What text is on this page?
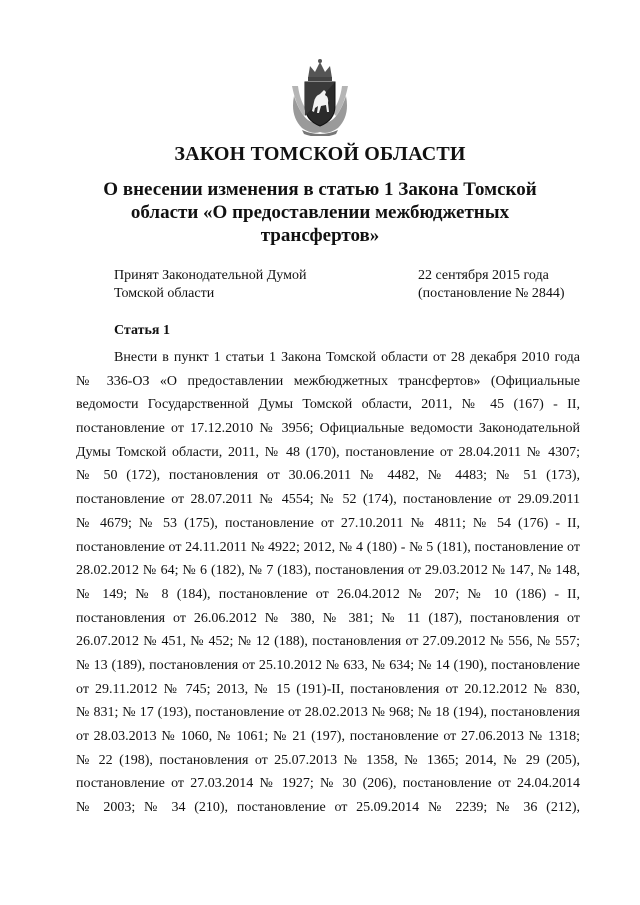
ЗАКОН ТОМСКОЙ ОБЛАСТИ
О внесении изменения в статью 1 Закона Томской
области «О предоставлении межбюджетных
трансфертов»
Принят Законодательной Думой
Томской области
22 сентября 2015 года
(постановление № 2844)
Статья 1
Внести в пункт 1 статьи 1 Закона Томской области от 28 декабря 2010 года
№ 336-ОЗ «О предоставлении межбюджетных трансфертов» (Официальные
ведомости Государственной Думы Томской области, 2011, № 45 (167) - II,
постановление от 17.12.2010 № 3956; Официальные ведомости Законодательной
Думы Томской области, 2011, № 48 (170), постановление от 28.04.2011 № 4307;
№ 50 (172), постановления от 30.06.2011 № 4482, № 4483; № 51 (173),
постановление от 28.07.2011 № 4554; № 52 (174), постановление от 29.09.2011
№ 4679; № 53 (175), постановление от 27.10.2011 № 4811; № 54 (176) - II,
постановление от 24.11.2011 № 4922; 2012, № 4 (180) - № 5 (181), постановление от
28.02.2012 № 64; № 6 (182), № 7 (183), постановления от 29.03.2012 № 147, № 148,
№ 149; № 8 (184), постановление от 26.04.2012 № 207; № 10 (186) - II,
постановления от 26.06.2012 № 380, № 381; № 11 (187), постановления от
26.07.2012 № 451, № 452; № 12 (188), постановления от 27.09.2012 № 556, № 557;
№ 13 (189), постановления от 25.10.2012 № 633, № 634; № 14 (190), постановление
от 29.11.2012 № 745; 2013, № 15 (191)-II, постановления от 20.12.2012 № 830,
№ 831; № 17 (193), постановление от 28.02.2013 № 968; № 18 (194), постановления
от 28.03.2013 № 1060, № 1061; № 21 (197), постановление от 27.06.2013 № 1318;
№ 22 (198), постановления от 25.07.2013 № 1358, № 1365; 2014, № 29 (205),
постановление от 27.03.2014 № 1927; № 30 (206), постановление от 24.04.2014
№ 2003; № 34 (210), постановление от 25.09.2014 № 2239; № 36 (212),
